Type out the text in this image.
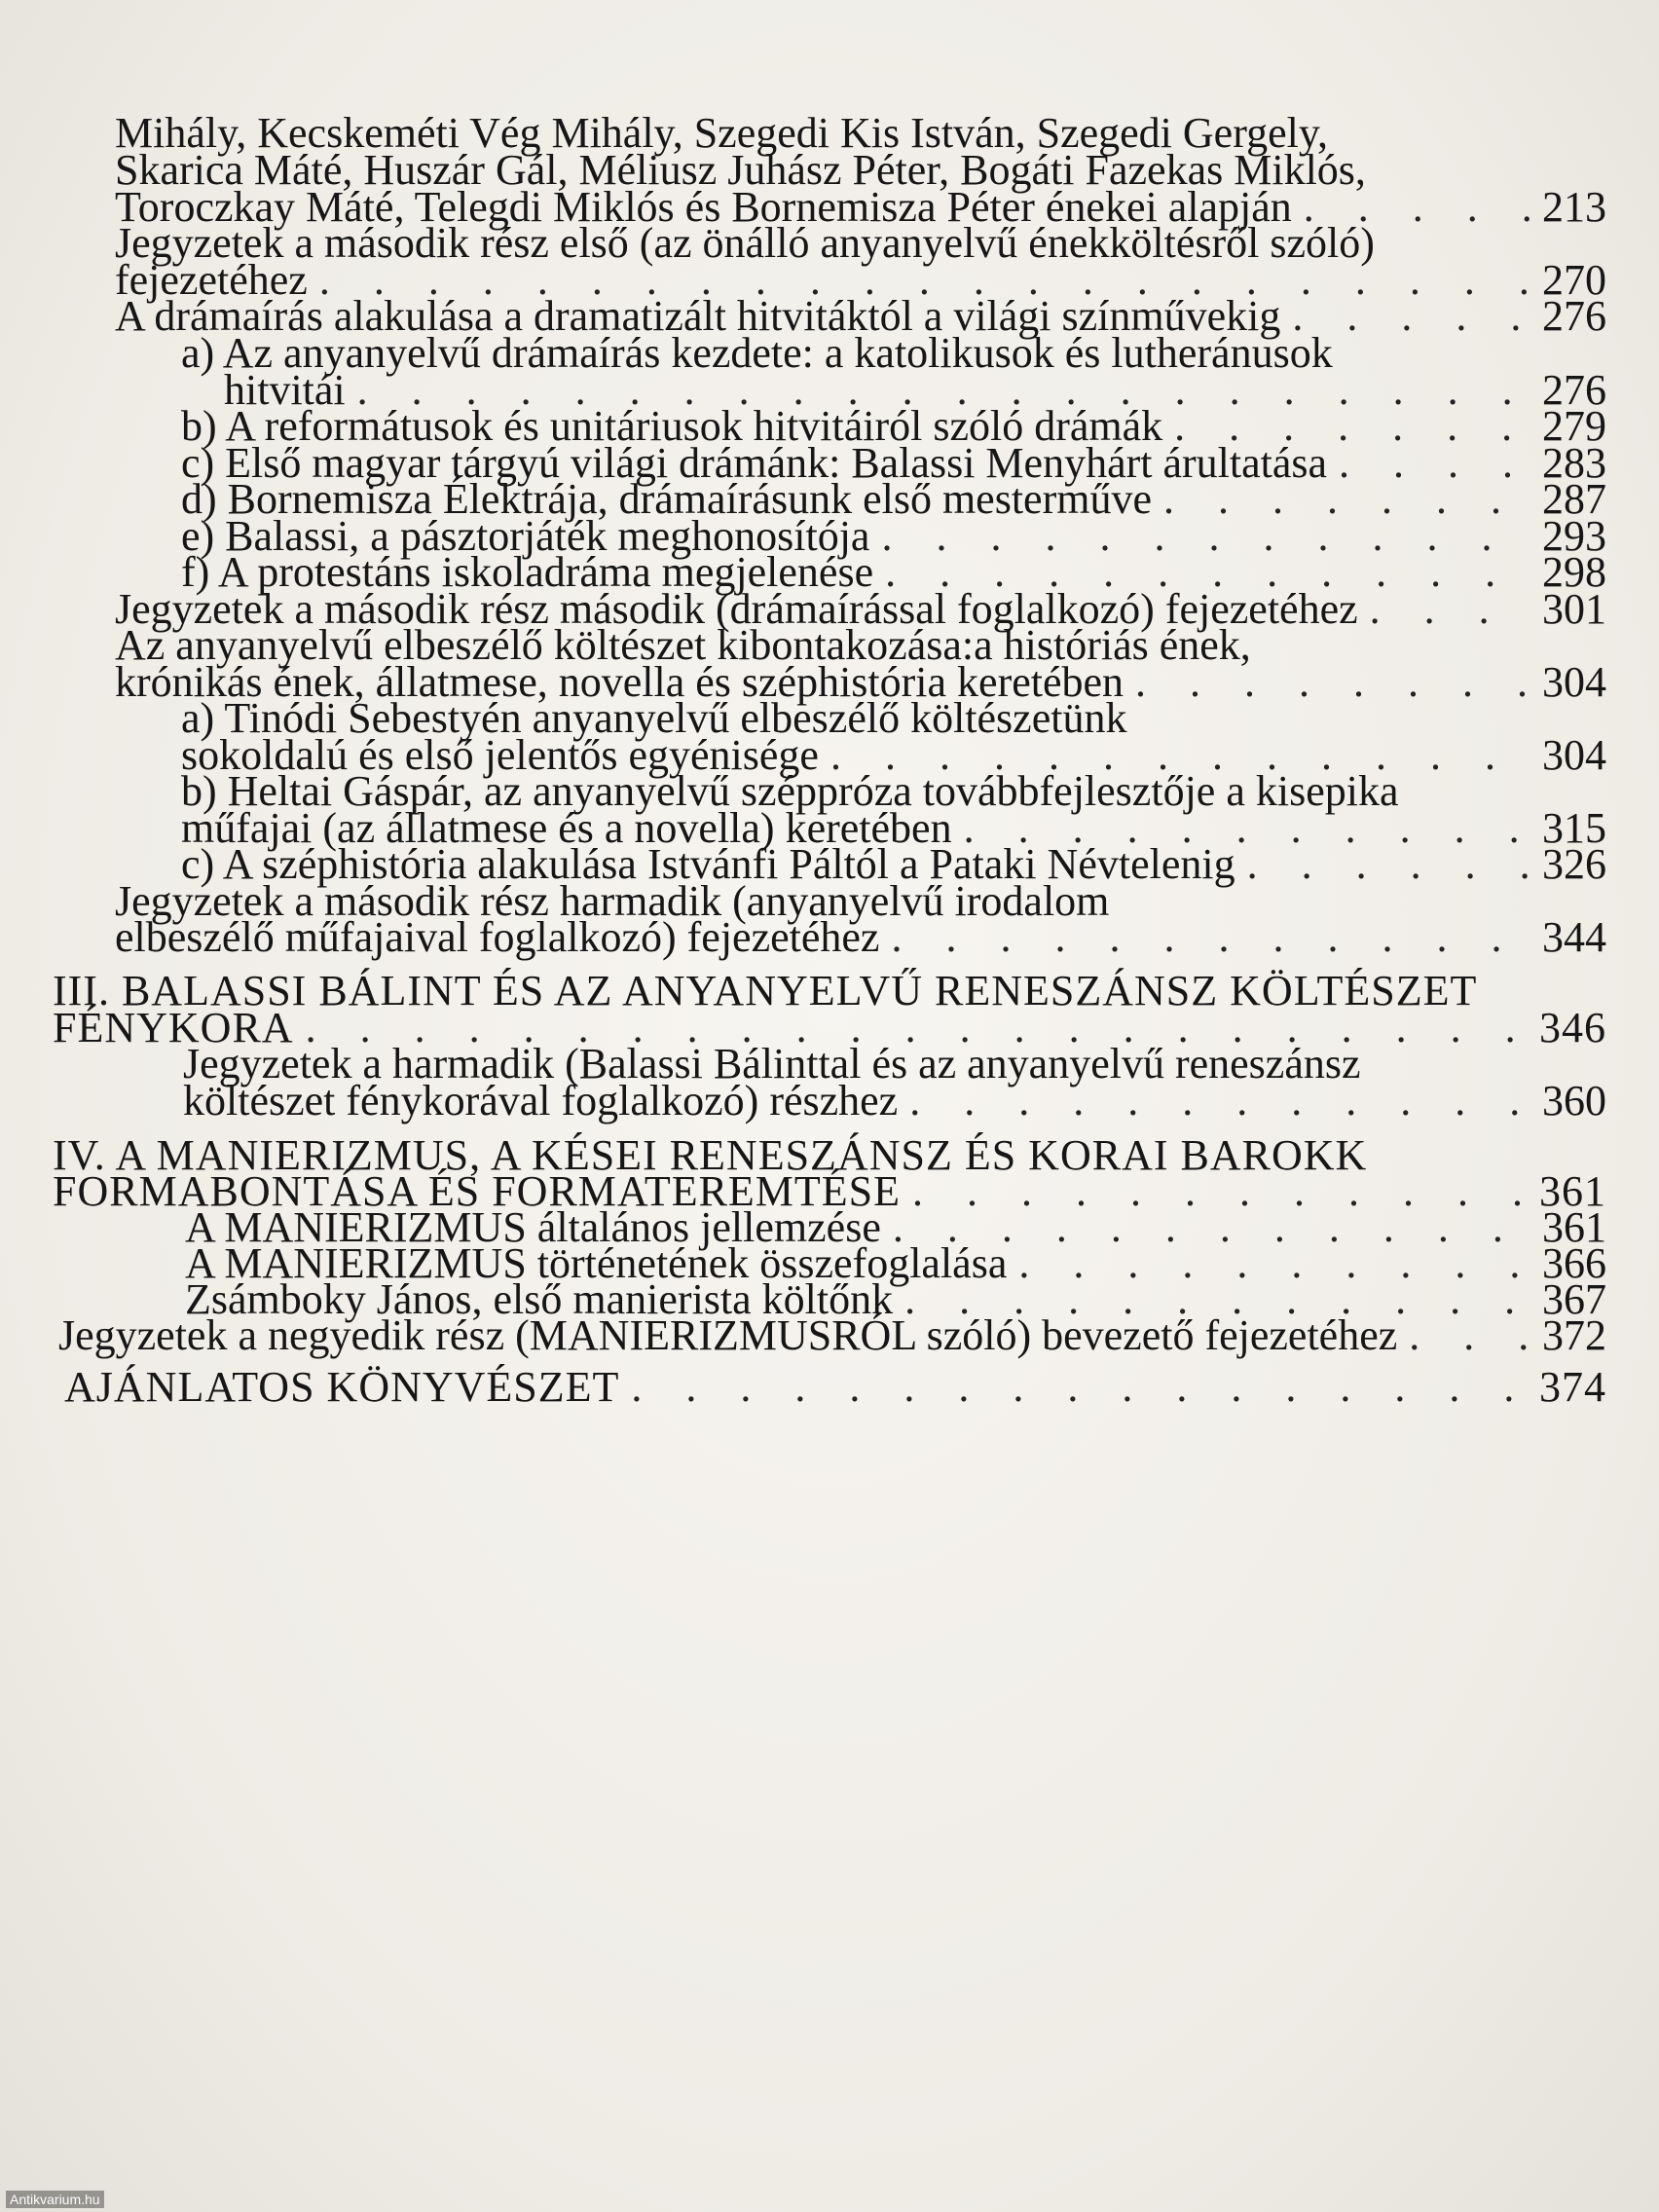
Mihály, Kecskeméti Vég Mihály, Szegedi Kis István, Szegedi Gergely,
Skarica Máté, Huszár Gál, Méliusz Juhász Péter, Bogáti Fazekas Miklós,
Toroczkay Máté, Telegdi Miklós és Bornemisza Péter énekei alapján . . .	213
Jegyzetek a második rész első (az önálló anyanyelvű énekköltésről szóló)
fejezetéhez . . .	270
A drámaírás alakulása a dramatizált hitvitáktól a világi színművekig . . .	276
a) Az anyanyelvű drámaírás kezdete: a katolikusok és lutheránusok
hitvitái . . .	276
b) A reformátusok és unitáriusok hitvitáiról szóló drámák . . .	279
c) Első magyar tárgyú világi drámánk: Balassi Menyhárt árultatása . . .	283
d) Bornemisza Élektrája, drámaírásunk első mesterműve . . .	287
e) Balassi, a pásztorjáték meghonosítója . . .	293
f) A protestáns iskoladráma megjelenése . . .	298
Jegyzetek a második rész második (drámaírással foglalkozó) fejezetéhez . . .	301
Az anyanyelvű elbeszélő költészet kibontakozása:a históriás ének,
krónikás ének, állatmese, novella és széphistória keretében . . .	304
a) Tinódi Sebestyén anyanyelvű elbeszélő költészetünk
sokoldalú és első jelentős egyénisége . . .	304
b) Heltai Gáspár, az anyanyelvű széppróza továbbfejlesztője a kisepika
műfajai (az állatmese és a novella) keretében . . .	315
c) A széphistória alakulása Istvánfi Páltól a Pataki Névtelenig . . .	326
Jegyzetek a második rész harmadik (anyanyelvű irodalom
elbeszélő műfajaival foglalkozó) fejezetéhez . . .	344
III. BALASSI BÁLINT ÉS AZ ANYANYELVŰ RENESZÁNSZ KÖLTÉSZET
FÉNYKORA . . .	346
Jegyzetek a harmadik (Balassi Bálinttal és az anyanyelvű reneszánsz
költészet fénykorával foglalkozó) részhez . . .	360
IV. A MANIERIZMUS, A KÉSEI RENESZÁNSZ ÉS KORAI BAROKK
FORMABONTÁSA ÉS FORMATEREMTÉSE . . .	361
A MANIERIZMUS általános jellemzése . . .	361
A MANIERIZMUS történetének összefoglalása . . .	366
Zsámboky János, első manierista költőnk . . .	367
Jegyzetek a negyedik rész (MANIERIZMUSRÓL szóló) bevezető fejezetéhez . . .	372
AJÁNLATOS KÖNYVÉSZET . . .	374
Antikvarium.hu
